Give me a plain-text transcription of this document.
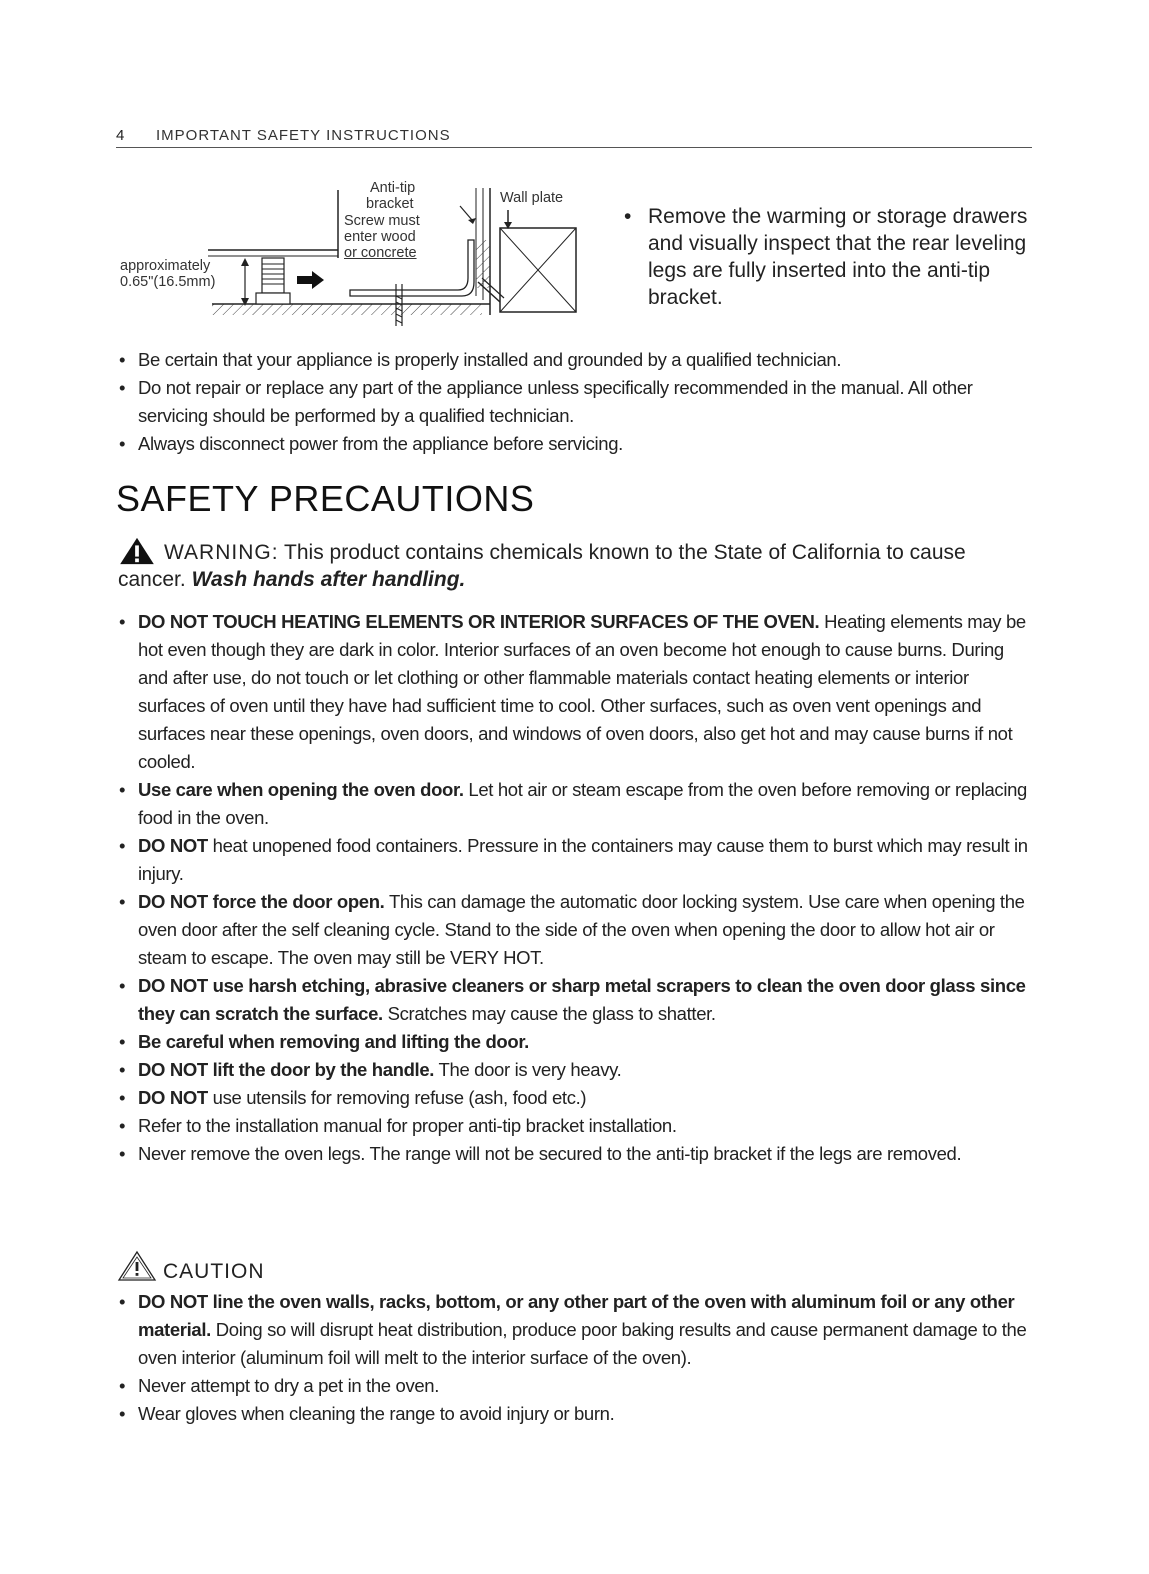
4 IMPORTANT SAFETY INSTRUCTIONS
Anti-tip
bracket
Screw must
enter wood
or concrete
Wall plate
approximately
0.65"(16.5mm)
• Remove the warming or storage drawers and visually inspect that the rear leveling legs are fully inserted into the anti-tip bracket.
• Be certain that your appliance is properly installed and grounded by a qualified technician.
• Do not repair or replace any part of the appliance unless specifically recommended in the manual. All other servicing should be performed by a qualified technician.
• Always disconnect power from the appliance before servicing.
SAFETY PRECAUTIONS
WARNING: This product contains chemicals known to the State of California to cause cancer. Wash hands after handling.
• DO NOT TOUCH HEATING ELEMENTS OR INTERIOR SURFACES OF THE OVEN. Heating elements may be hot even though they are dark in color. Interior surfaces of an oven become hot enough to cause burns. During and after use, do not touch or let clothing or other flammable materials contact heating elements or interior surfaces of oven until they have had sufficient time to cool. Other surfaces, such as oven vent openings and surfaces near these openings, oven doors, and windows of oven doors, also get hot and may cause burns if not cooled.
• Use care when opening the oven door. Let hot air or steam escape from the oven before removing or replacing food in the oven.
• DO NOT heat unopened food containers. Pressure in the containers may cause them to burst which may result in injury.
• DO NOT force the door open. This can damage the automatic door locking system. Use care when opening the oven door after the self cleaning cycle. Stand to the side of the oven when opening the door to allow hot air or steam to escape. The oven may still be VERY HOT.
• DO NOT use harsh etching, abrasive cleaners or sharp metal scrapers to clean the oven door glass since they can scratch the surface. Scratches may cause the glass to shatter.
• Be careful when removing and lifting the door.
• DO NOT lift the door by the handle. The door is very heavy.
• DO NOT use utensils for removing refuse (ash, food etc.)
• Refer to the installation manual for proper anti-tip bracket installation.
• Never remove the oven legs. The range will not be secured to the anti-tip bracket if the legs are removed.
CAUTION
• DO NOT line the oven walls, racks, bottom, or any other part of the oven with aluminum foil or any other material. Doing so will disrupt heat distribution, produce poor baking results and cause permanent damage to the oven interior (aluminum foil will melt to the interior surface of the oven).
• Never attempt to dry a pet in the oven.
• Wear gloves when cleaning the range to avoid injury or burn.
